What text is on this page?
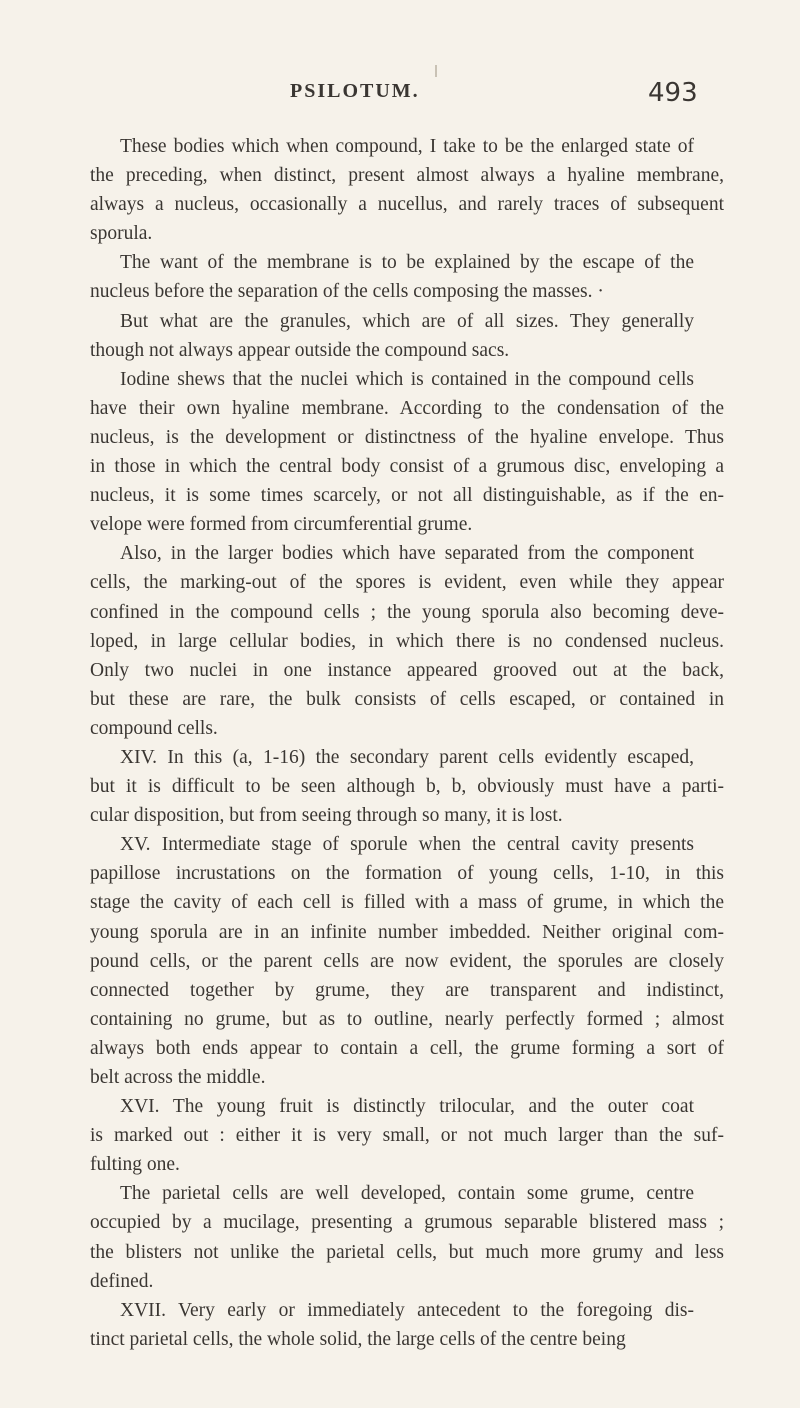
PSILOTUM.	493

These bodies which when compound, I take to be the enlarged state of
the preceding, when distinct, present almost always a hyaline membrane,
always a nucleus, occasionally a nucellus, and rarely traces of subsequent
sporula.

The want of the membrane is to be explained by the escape of the
nucleus before the separation of the cells composing the masses. ·

But what are the granules, which are of all sizes. They generally
though not always appear outside the compound sacs.

Iodine shews that the nuclei which is contained in the compound cells
have their own hyaline membrane. According to the condensation of the
nucleus, is the development or distinctness of the hyaline envelope. Thus
in those in which the central body consist of a grumous disc, enveloping a
nucleus, it is some times scarcely, or not all distinguishable, as if the en-
velope were formed from circumferential grume.

Also, in the larger bodies which have separated from the component
cells, the marking-out of the spores is evident, even while they appear
confined in the compound cells ; the young sporula also becoming deve-
loped, in large cellular bodies, in which there is no condensed nucleus.
Only two nuclei in one instance appeared grooved out at the back,
but these are rare, the bulk consists of cells escaped, or contained in
compound cells.

XIV. In this (a, 1-16) the secondary parent cells evidently escaped,
but it is difficult to be seen although b, b, obviously must have a parti-
cular disposition, but from seeing through so many, it is lost.

XV. Intermediate stage of sporule when the central cavity presents
papillose incrustations on the formation of young cells, 1-10, in this
stage the cavity of each cell is filled with a mass of grume, in which the
young sporula are in an infinite number imbedded. Neither original com-
pound cells, or the parent cells are now evident, the sporules are closely
connected together by grume, they are transparent and indistinct,
containing no grume, but as to outline, nearly perfectly formed ; almost
always both ends appear to contain a cell, the grume forming a sort of
belt across the middle.

XVI. The young fruit is distinctly trilocular, and the outer coat
is marked out : either it is very small, or not much larger than the suf-
fulting one.

The parietal cells are well developed, contain some grume, centre
occupied by a mucilage, presenting a grumous separable blistered mass ;
the blisters not unlike the parietal cells, but much more grumy and less
defined.

XVII. Very early or immediately antecedent to the foregoing dis-
tinct parietal cells, the whole solid, the large cells of the centre being
